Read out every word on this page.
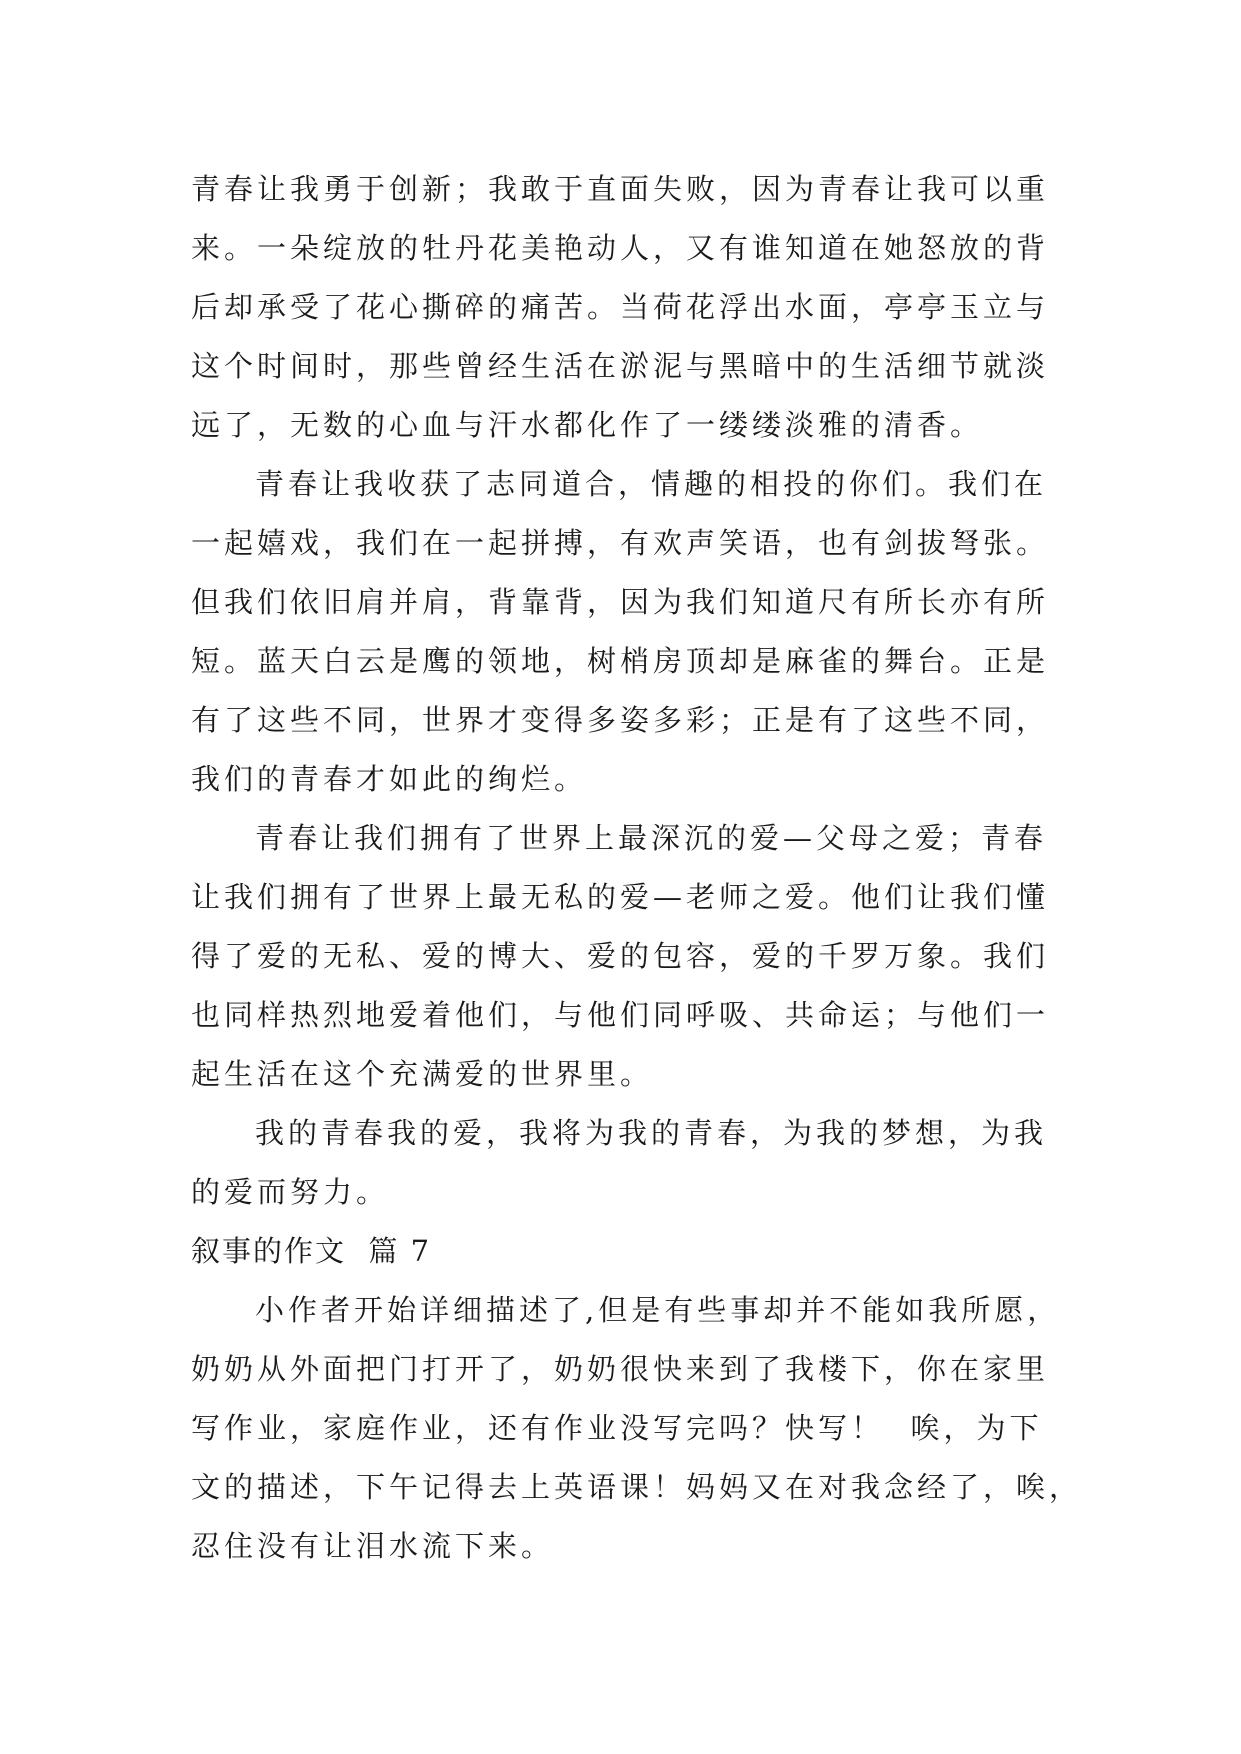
青春让我勇于创新；我敢于直面失败，因为青春让我可以重
来。一朵绽放的牡丹花美艳动人，又有谁知道在她怒放的背
后却承受了花心撕碎的痛苦。当荷花浮出水面，亭亭玉立与
这个时间时，那些曾经生活在淤泥与黑暗中的生活细节就淡
远了，无数的心血与汗水都化作了一缕缕淡雅的清香。
青春让我收获了志同道合，情趣的相投的你们。我们在
一起嬉戏，我们在一起拼搏，有欢声笑语，也有剑拔弩张。
但我们依旧肩并肩，背靠背，因为我们知道尺有所长亦有所
短。蓝天白云是鹰的领地，树梢房顶却是麻雀的舞台。正是
有了这些不同，世界才变得多姿多彩；正是有了这些不同，
我们的青春才如此的绚烂。
青春让我们拥有了世界上最深沉的爱—父母之爱；青春
让我们拥有了世界上最无私的爱—老师之爱。他们让我们懂
得了爱的无私、爱的博大、爱的包容，爱的千罗万象。我们
也同样热烈地爱着他们，与他们同呼吸、共命运；与他们一
起生活在这个充满爱的世界里。
我的青春我的爱，我将为我的青春，为我的梦想，为我
的爱而努力。
叙事的作文  篇 7
小作者开始详细描述了,但是有些事却并不能如我所愿，
奶奶从外面把门打开了，奶奶很快来到了我楼下，你在家里
写作业，家庭作业，还有作业没写完吗？快写！  唉，为下
文的描述，下午记得去上英语课！妈妈又在对我念经了，唉，
忍住没有让泪水流下来。
